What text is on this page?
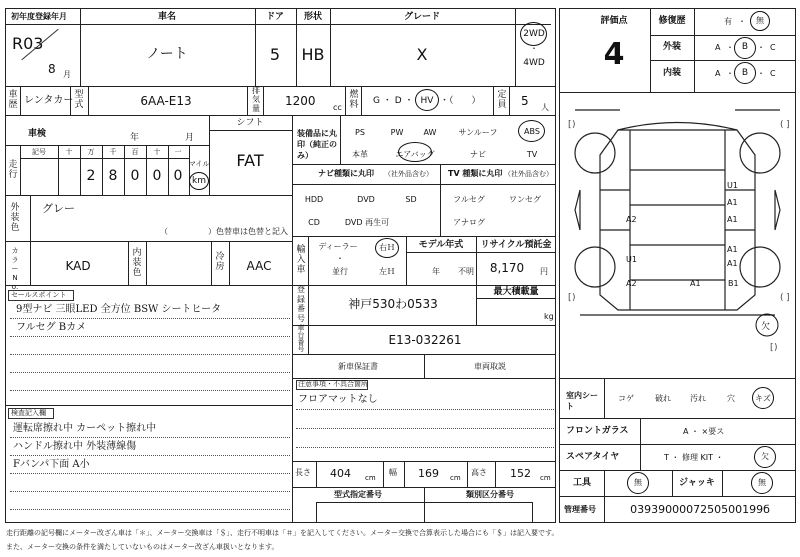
初年度登録年月
R03
8 月
車名
ノート
ドア
5
形状
HB
グレード
X
2WD
・
4WD
車歴 レンタカー 型式	6AA-E13
排気量
1200 cc
燃料 G ・ D ・ HV ・（　　）
定員 5 人
車検	年	月
シフト
FAT
走行
記号	十 万 千 百 十 一
2 8 0 0 0
マイル
km
外装色
グレー
（　　　　　）色替車は色替と記入
カラーNo.
KAD
内装色
冷房 AAC
セールスポイント
9型ナビ 三眼LED 全方位 BSW シートヒータ
フルセグ Bカメ
検査記入欄
運転席擦れ中 カーペット擦れ中
ハンドル擦れ中 外装薄線傷
Fバンパ下面 A小
装備品に丸印（純正のみ）
PS	PW	AW	サンルーフ	ABS
本革	エアバッグ	ナビ	TV
ナビ種類に丸印 （社外品含む） TV 種類に丸印 （社外品含む）
HDD	DVD	SD
CD	DVD 再生可
フルセグ	ワンセグ
アナログ
輸入車
ディーラー
・
並行
右Ｈ
左Ｈ
モデル年式
年 不明
リサイクル預託金
8,170 円
登録番号
神戸530わ0533
最大積載量
kg
車台番号
E13-032261
新車保証書	車両取説
注意事項・不具合箇所
フロアマットなし
長さ 404 cm
幅 169 cm
高さ 152 cm
型式指定番号	類別区分番号
評価点
4
修復歴	有 ・ 無
外装	A ・ B ・ C
内装	A ・ B ・ C
[ )	( ]
[ )	( ]
[ )
U1
A1
A1
A2
U1
A1
A1
A2	A1	B1
欠
室内シート
コゲ	破れ 汚れ	穴	キズ
フロントガラス	A ・ ×要ス
スペアタイヤ	T ・ 修理 KIT ・	欠
工具	無	ジャッキ	無
管理番号	0393900007250500199б
走行距離の記号欄にメーター改ざん車は「＊」、メーター交換車は「＄」、走行不明車は「＃」を記入してください。メーター交換で合算表示した場合にも「＄」は記入要です。
また、メーター交換の条件を満たしていないものはメーター改ざん車扱いとなります。
